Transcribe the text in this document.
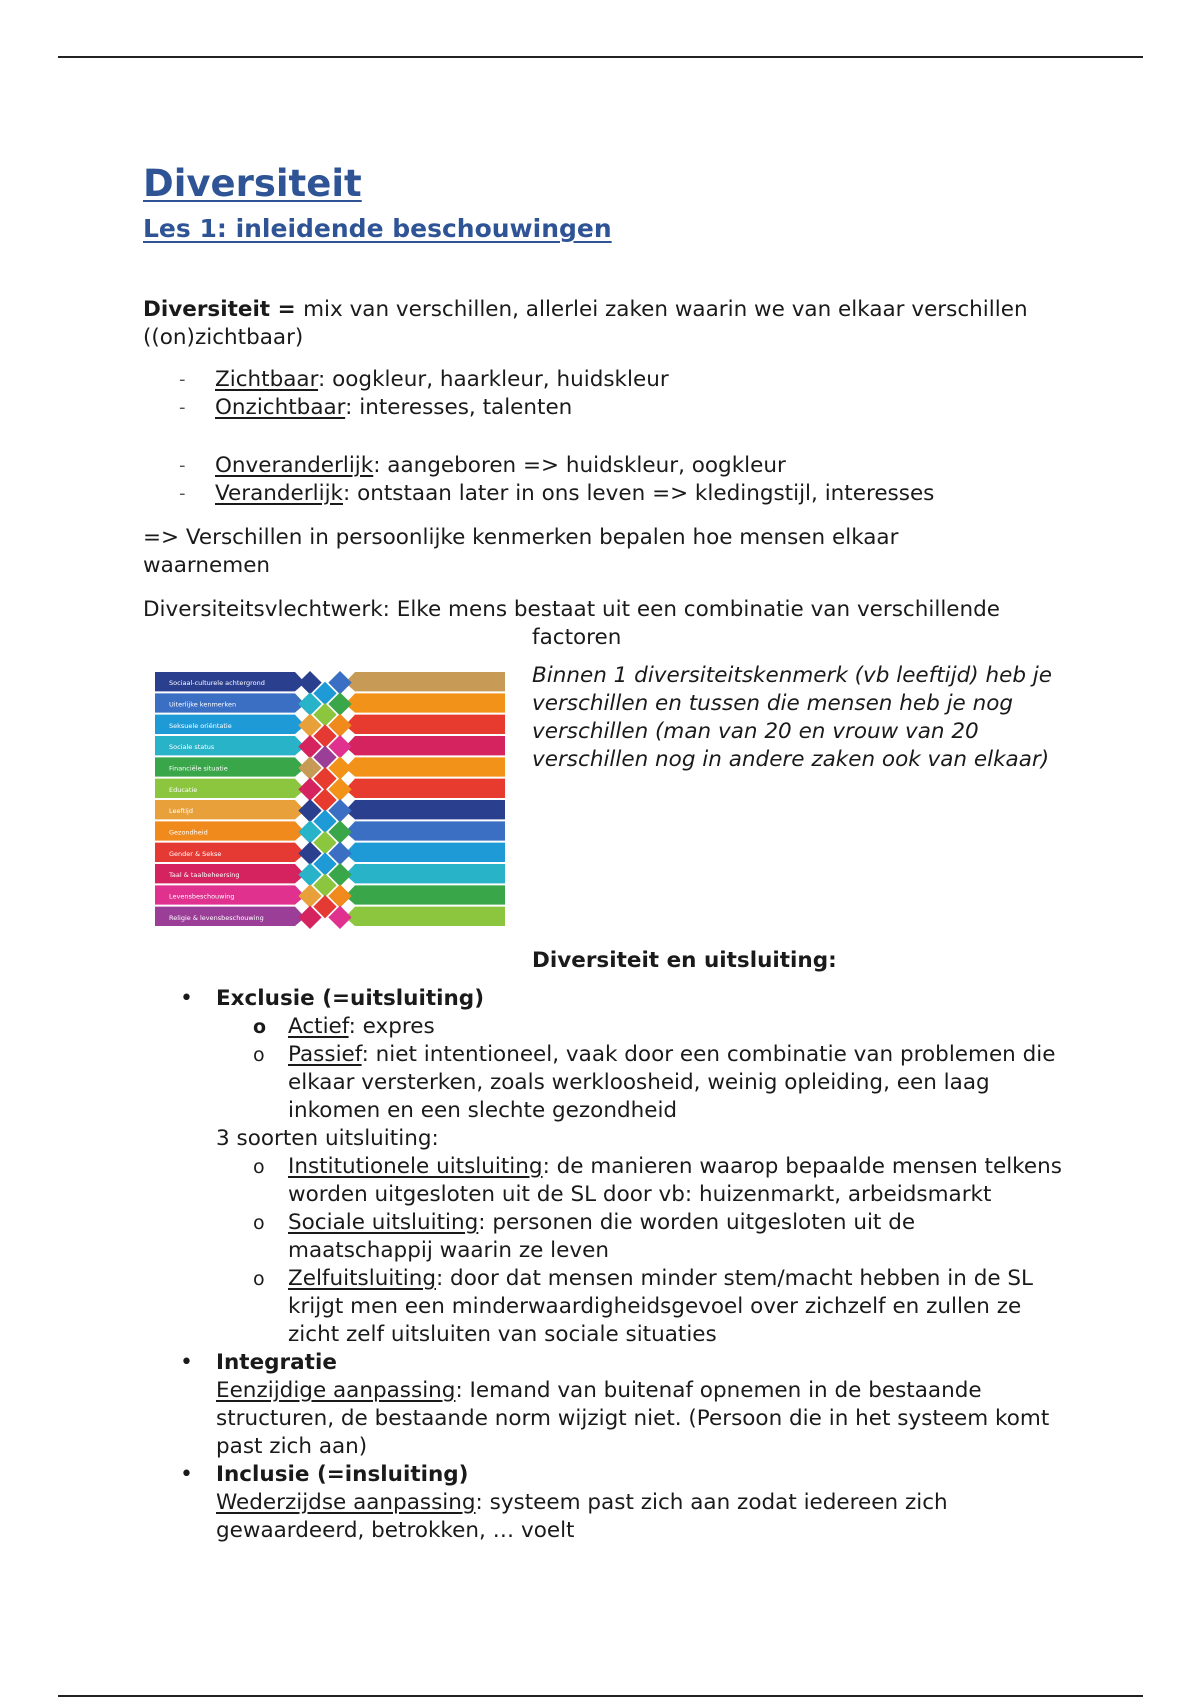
Diversiteit
Les 1: inleidende beschouwingen

Diversiteit = mix van verschillen, allerlei zaken waarin we van elkaar verschillen ((on)zichtbaar)

- Zichtbaar: oogkleur, haarkleur, huidskleur
- Onzichtbaar: interesses, talenten
- Onveranderlijk: aangeboren => huidskleur, oogkleur
- Veranderlijk: ontstaan later in ons leven => kledingstijl, interesses

=> Verschillen in persoonlijke kenmerken bepalen hoe mensen elkaar waarnemen

Diversiteitsvlechtwerk: Elke mens bestaat uit een combinatie van verschillende

factoren

Sociaal-culturele achtergrond
Uiterlijke kenmerken
Seksuele oriëntatie
Sociale status
Financiële situatie
Educatie
Leeftijd
Gezondheid
Gender & Sekse
Taal & taalbeheersing
Levensbeschouwing
Religie & levensbeschouwing

Binnen 1 diversiteitskenmerk (vb leeftijd) heb je verschillen en tussen die mensen heb je nog verschillen (man van 20 en vrouw van 20 verschillen nog in andere zaken ook van elkaar)

Diversiteit en uitsluiting:

• Exclusie (=uitsluiting)
o Actief: expres
o Passief: niet intentioneel, vaak door een combinatie van problemen die elkaar versterken, zoals werkloosheid, weinig opleiding, een laag inkomen en een slechte gezondheid

3 soorten uitsluiting:

o Institutionele uitsluiting: de manieren waarop bepaalde mensen telkens worden uitgesloten uit de SL door vb: huizenmarkt, arbeidsmarkt
o Sociale uitsluiting: personen die worden uitgesloten uit de maatschappij waarin ze leven
o Zelfuitsluiting: door dat mensen minder stem/macht hebben in de SL krijgt men een minderwaardigheidsgevoel over zichzelf en zullen ze zicht zelf uitsluiten van sociale situaties
• Integratie

Eenzijdige aanpassing: Iemand van buitenaf opnemen in de bestaande structuren, de bestaande norm wijzigt niet. (Persoon die in het systeem komt past zich aan)

• Inclusie (=insluiting)

Wederzijdse aanpassing: systeem past zich aan zodat iedereen zich gewaardeerd, betrokken, … voelt
